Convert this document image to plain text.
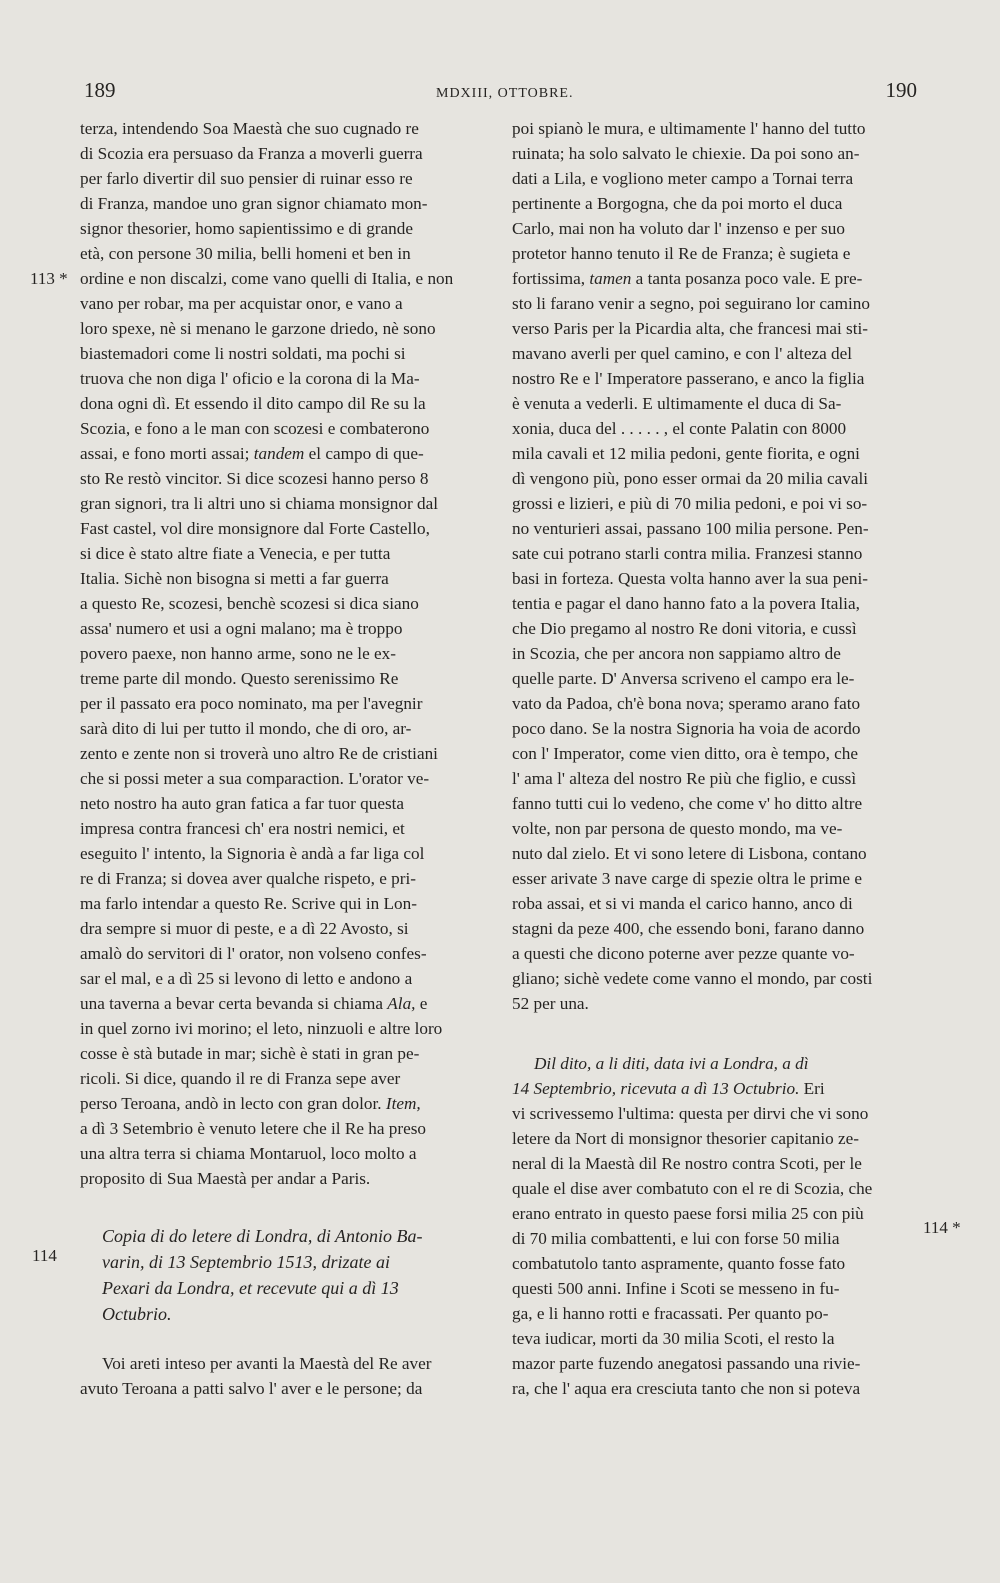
189	MDXIII, OTTOBRE.	190
113 *
114
114 *

terza, intendendo Soa Maestà che suo cugnado re
di Scozia era persuaso da Franza a moverli guerra
per farlo divertir dil suo pensier di ruinar esso re
di Franza, mandoe uno gran signor chiamato mon-
signor thesorier, homo sapientissimo e di grande
età, con persone 30 milia, belli homeni et ben in
ordine e non discalzi, come vano quelli di Italia, e non
vano per robar, ma per acquistar onor, e vano a
loro spexe, nè si menano le garzone driedo, nè sono
biastemadori come li nostri soldati, ma pochi si
truova che non diga l' oficio e la corona di la Ma-
dona ogni dì. Et essendo il dito campo dil Re su la
Scozia, e fono a le man con scozesi e combaterono
assai, e fono morti assai; tandem el campo di que-
sto Re restò vincitor. Si dice scozesi hanno perso 8
gran signori, tra li altri uno si chiama monsignor dal
Fast castel, vol dire monsignore dal Forte Castello,
si dice è stato altre fiate a Venecia, e per tutta
Italia. Sichè non bisogna si metti a far guerra
a questo Re, scozesi, benchè scozesi si dica siano
assa' numero et usi a ogni malano; ma è troppo
povero paexe, non hanno arme, sono ne le ex-
treme parte dil mondo. Questo serenissimo Re
per il passato era poco nominato, ma per l'avegnir
sarà dito di lui per tutto il mondo, che di oro, ar-
zento e zente non si troverà uno altro Re de cristiani
che si possi meter a sua comparaction. L'orator ve-
neto nostro ha auto gran fatica a far tuor questa
impresa contra francesi ch' era nostri nemici, et
eseguito l' intento, la Signoria è andà a far liga col
re di Franza; si dovea aver qualche rispeto, e pri-
ma farlo intendar a questo Re. Scrive qui in Lon-
dra sempre si muor di peste, e a dì 22 Avosto, si
amalò do servitori di l' orator, non volseno confes-
sar el mal, e a dì 25 si levono di letto e andono a
una taverna a bevar certa bevanda si chiama Ala, e
in quel zorno ivi morino; el leto, ninzuoli e altre loro
cosse è stà butade in mar; sichè è stati in gran pe-
ricoli. Si dice, quando il re di Franza sepe aver
perso Teroana, andò in lecto con gran dolor. Item,
a dì 3 Setembrio è venuto letere che il Re ha preso
una altra terra si chiama Montaruol, loco molto a
proposito di Sua Maestà per andar a Paris.

Copia di do letere di Londra, di Antonio Ba-
varin, di 13 Septembrio 1513, drizate ai
Pexari da Londra, et recevute qui a dì 13
Octubrio.

Voi areti inteso per avanti la Maestà del Re aver
avuto Teroana a patti salvo l' aver e le persone; da

poi spianò le mura, e ultimamente l' hanno del tutto
ruinata; ha solo salvato le chiexie. Da poi sono an-
dati a Lila, e vogliono meter campo a Tornai terra
pertinente a Borgogna, che da poi morto el duca
Carlo, mai non ha voluto dar l' inzenso e per suo
protetor hanno tenuto il Re de Franza; è sugieta e
fortissima, tamen a tanta posanza poco vale. E pre-
sto li farano venir a segno, poi seguirano lor camino
verso Paris per la Picardia alta, che francesi mai sti-
mavano averli per quel camino, e con l' alteza del
nostro Re e l' Imperatore passerano, e anco la figlia
è venuta a vederli. E ultimamente el duca di Sa-
xonia, duca del . . . . . , el conte Palatin con 8000
mila cavali et 12 milia pedoni, gente fiorita, e ogni
dì vengono più, pono esser ormai da 20 milia cavali
grossi e lizieri, e più di 70 milia pedoni, e poi vi so-
no venturieri assai, passano 100 milia persone. Pen-
sate cui potrano starli contra milia. Franzesi stanno
basi in forteza. Questa volta hanno aver la sua peni-
tentia e pagar el dano hanno fato a la povera Italia,
che Dio pregamo al nostro Re doni vitoria, e cussì
in Scozia, che per ancora non sappiamo altro de
quelle parte. D' Anversa scriveno el campo era le-
vato da Padoa, ch'è bona nova; speramo arano fato
poco dano. Se la nostra Signoria ha voia de acordo
con l' Imperator, come vien ditto, ora è tempo, che
l' ama l' alteza del nostro Re più che figlio, e cussì
fanno tutti cui lo vedeno, che come v' ho ditto altre
volte, non par persona de questo mondo, ma ve-
nuto dal zielo. Et vi sono letere di Lisbona, contano
esser arivate 3 nave carge di spezie oltra le prime e
roba assai, et si vi manda el carico hanno, anco di
stagni da peze 400, che essendo boni, farano danno
a questi che dicono poterne aver pezze quante vo-
gliano; sichè vedete come vanno el mondo, par costi
52 per una.

Dil dito, a li diti, data ivi a Londra, a dì
14 Septembrio, ricevuta a dì 13 Octubrio. Eri
vi scrivessemo l'ultima: questa per dirvi che vi sono
letere da Nort di monsignor thesorier capitanio ze-
neral di la Maestà dil Re nostro contra Scoti, per le
quale el dise aver combatuto con el re di Scozia, che
erano entrato in questo paese forsi milia 25 con più
di 70 milia combattenti, e lui con forse 50 milia
combatutolo tanto aspramente, quanto fosse fato
questi 500 anni. Infine i Scoti se messeno in fu-
ga, e li hanno rotti e fracassati. Per quanto po-
teva iudicar, morti da 30 milia Scoti, el resto la
mazor parte fuzendo anegatosi passando una rivie-
ra, che l' aqua era cresciuta tanto che non si poteva
